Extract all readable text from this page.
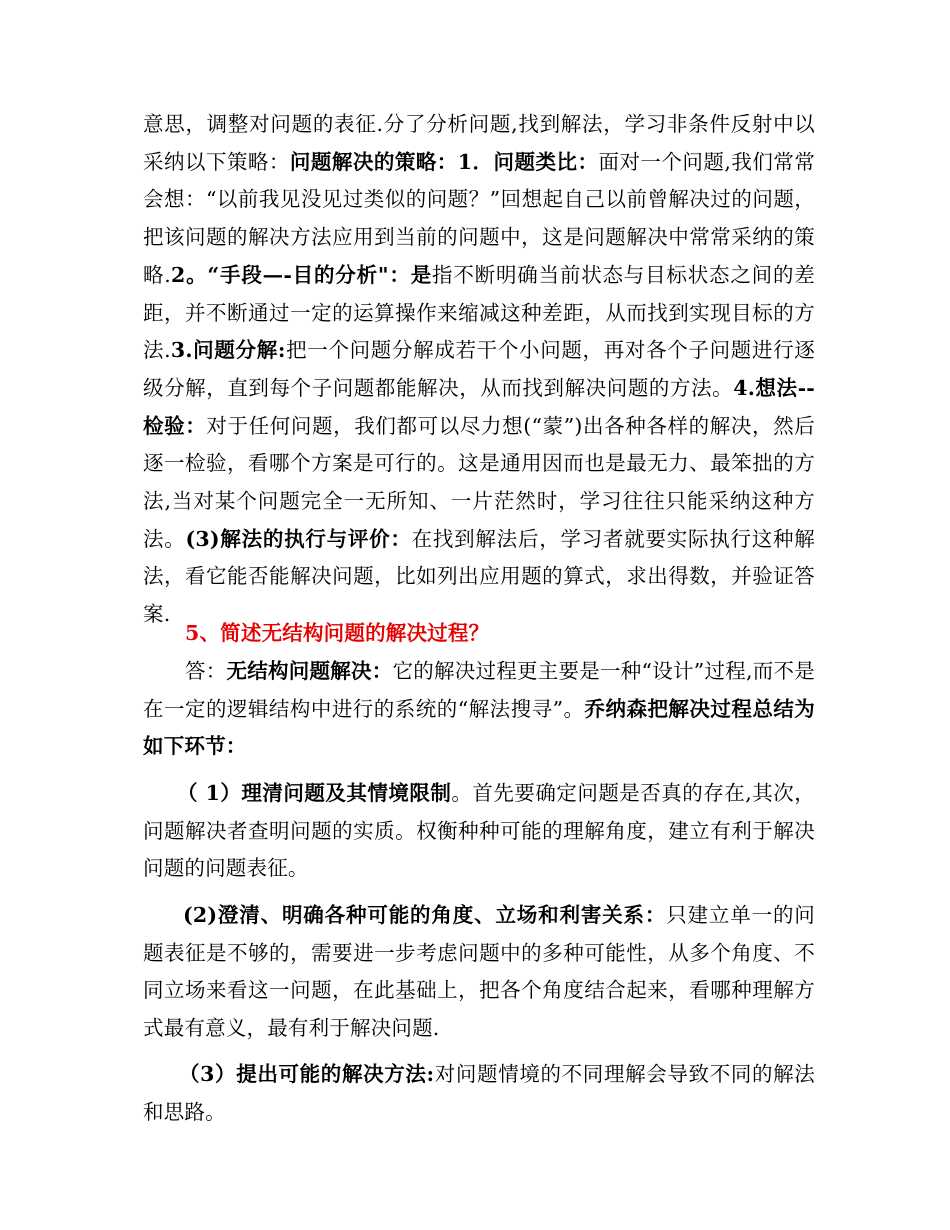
意思，调整对问题的表征.分了分析问题,找到解法，学习非条件反射中以采纳以下策略：问题解决的策略：1．问题类比：面对一个问题,我们常常会想：“以前我见没见过类似的问题？”回想起自己以前曾解决过的问题，把该问题的解决方法应用到当前的问题中，这是问题解决中常常采纳的策略.2。“手段—-目的分析"：是指不断明确当前状态与目标状态之间的差距，并不断通过一定的运算操作来缩减这种差距，从而找到实现目标的方法.3.问题分解:把一个问题分解成若干个小问题，再对各个子问题进行逐级分解，直到每个子问题都能解决，从而找到解决问题的方法。4.想法--检验：对于任何问题，我们都可以尽力想(“蒙”)出各种各样的解决，然后逐一检验，看哪个方案是可行的。这是通用因而也是最无力、最笨拙的方法,当对某个问题完全一无所知、一片茫然时，学习往往只能采纳这种方法。(3)解法的执行与评价：在找到解法后，学习者就要实际执行这种解法，看它能否能解决问题，比如列出应用题的算式，求出得数，并验证答案.
5、简述无结构问题的解决过程？
答：无结构问题解决：它的解决过程更主要是一种“设计”过程,而不是在一定的逻辑结构中进行的系统的“解法搜寻”。乔纳森把解决过程总结为如下环节：
（ 1）理清问题及其情境限制。首先要确定问题是否真的存在,其次，问题解决者查明问题的实质。权衡种种可能的理解角度，建立有利于解决问题的问题表征。
(2)澄清、明确各种可能的角度、立场和利害关系：只建立单一的问题表征是不够的，需要进一步考虑问题中的多种可能性，从多个角度、不同立场来看这一问题，在此基础上，把各个角度结合起来，看哪种理解方式最有意义，最有利于解决问题.
（3）提出可能的解决方法:对问题情境的不同理解会导致不同的解法和思路。
